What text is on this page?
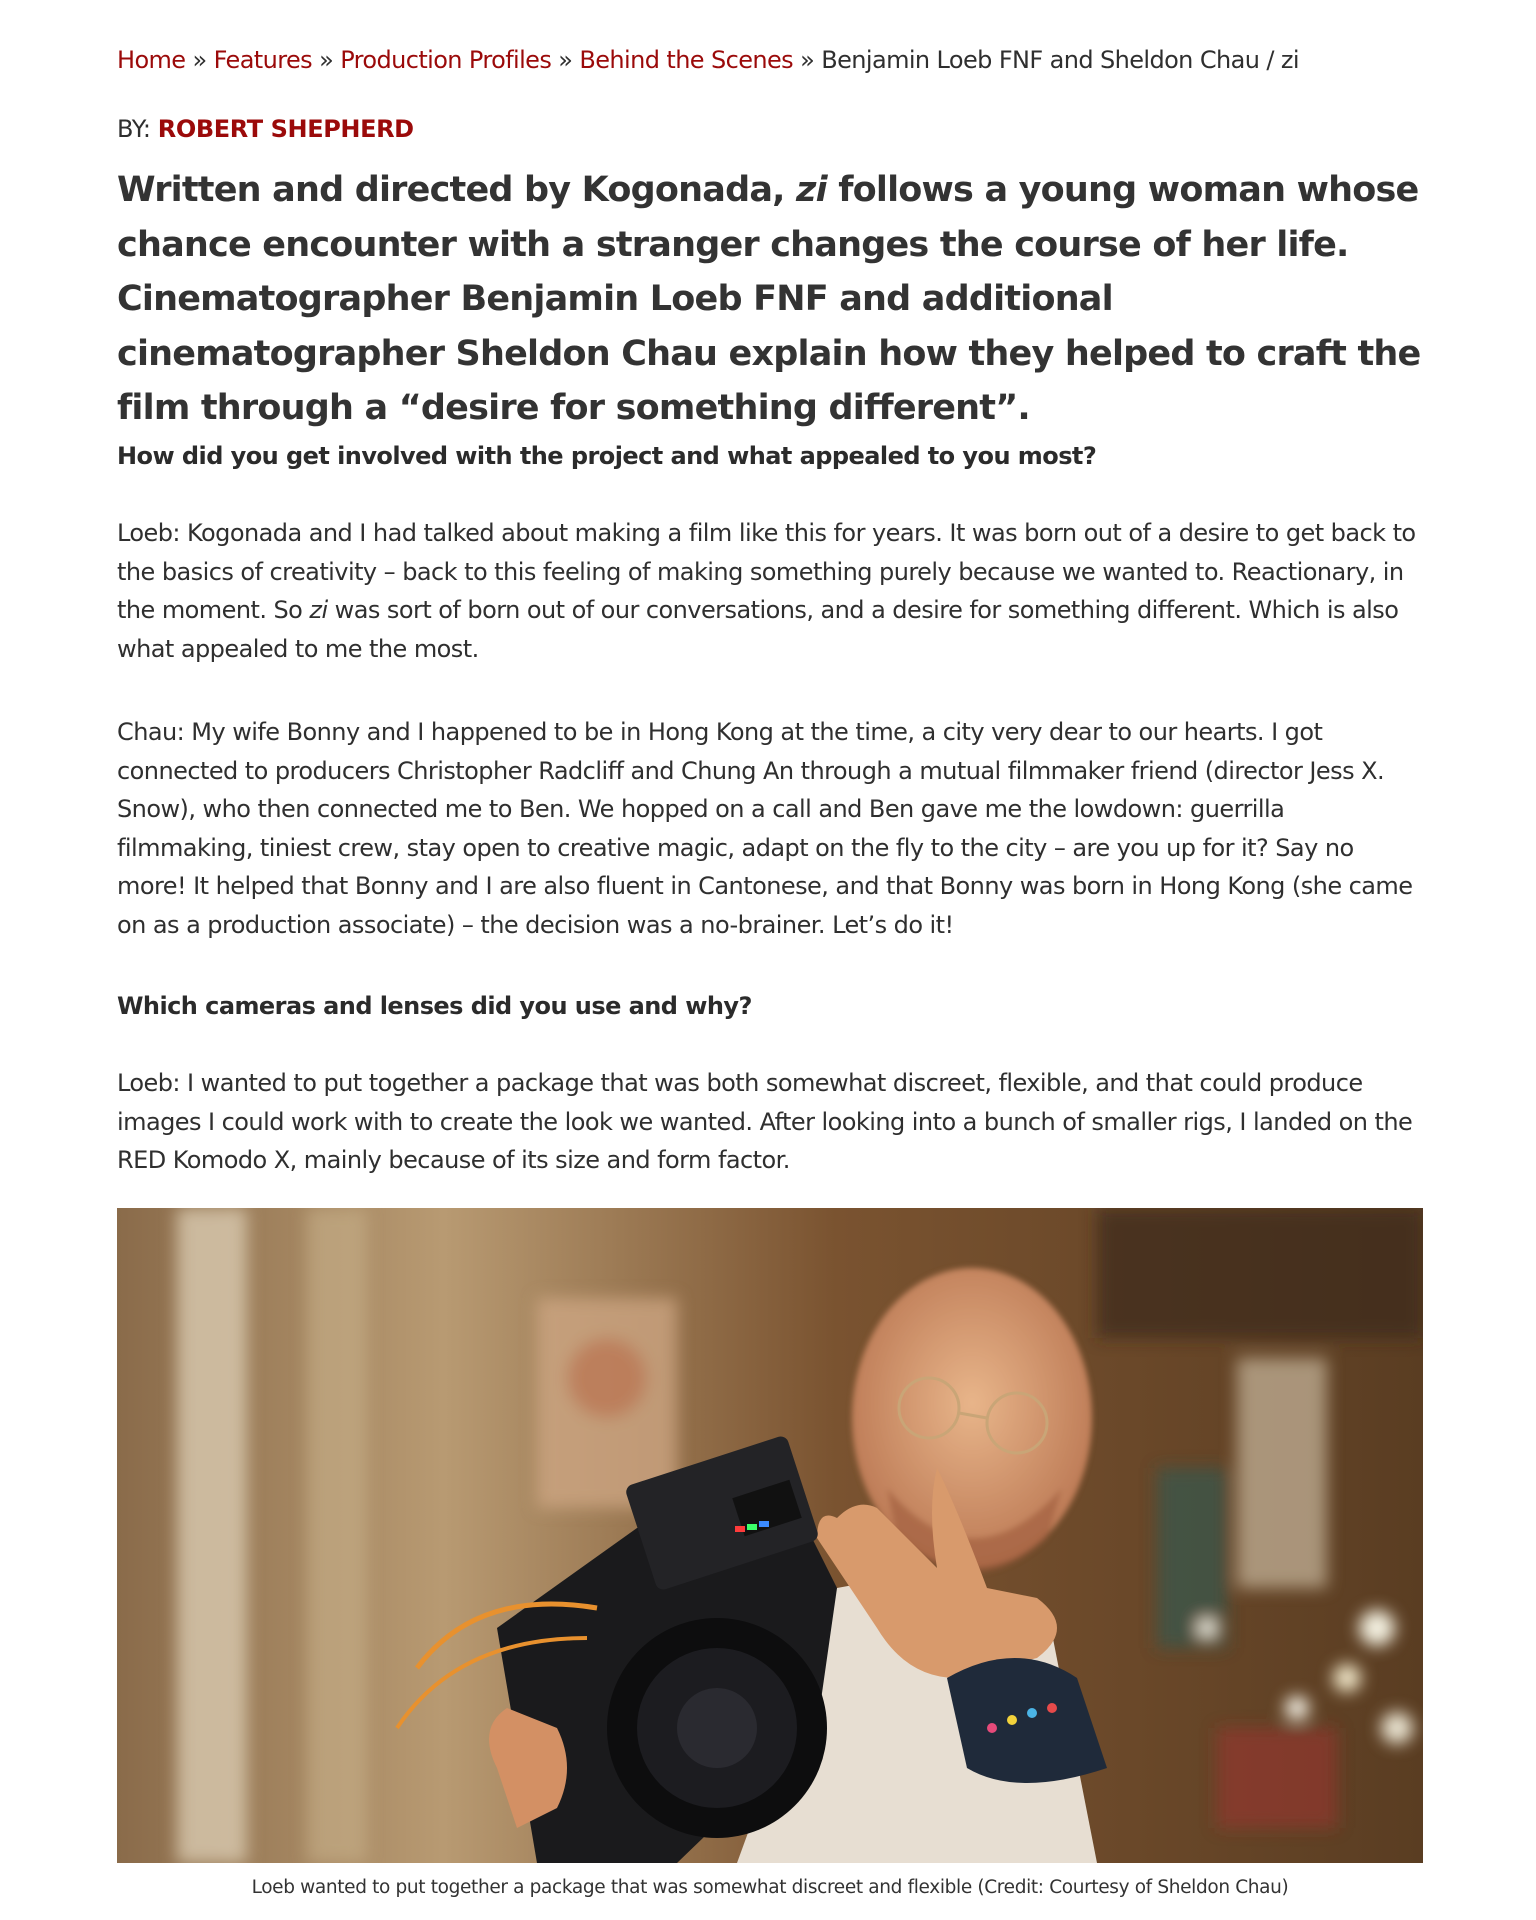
Home » Features » Production Profiles » Behind the Scenes » Benjamin Loeb FNF and Sheldon Chau / zi
BY: ROBERT SHEPHERD
Written and directed by Kogonada, zi follows a young woman whose chance encounter with a stranger changes the course of her life. Cinematographer Benjamin Loeb FNF and additional cinematographer Sheldon Chau explain how they helped to craft the film through a “desire for something different”.

How did you get involved with the project and what appealed to you most?

Loeb: Kogonada and I had talked about making a film like this for years. It was born out of a desire to get back to the basics of creativity – back to this feeling of making something purely because we wanted to. Reactionary, in the moment. So zi was sort of born out of our conversations, and a desire for something different. Which is also what appealed to me the most.

Chau: My wife Bonny and I happened to be in Hong Kong at the time, a city very dear to our hearts. I got connected to producers Christopher Radcliff and Chung An through a mutual filmmaker friend (director Jess X. Snow), who then connected me to Ben. We hopped on a call and Ben gave me the lowdown: guerrilla filmmaking, tiniest crew, stay open to creative magic, adapt on the fly to the city – are you up for it? Say no more! It helped that Bonny and I are also fluent in Cantonese, and that Bonny was born in Hong Kong (she came on as a production associate) – the decision was a no-brainer. Let’s do it!

Which cameras and lenses did you use and why?

Loeb: I wanted to put together a package that was both somewhat discreet, flexible, and that could produce images I could work with to create the look we wanted. After looking into a bunch of smaller rigs, I landed on the RED Komodo X, mainly because of its size and form factor.

Loeb wanted to put together a package that was somewhat discreet and flexible (Credit: Courtesy of Sheldon Chau)
